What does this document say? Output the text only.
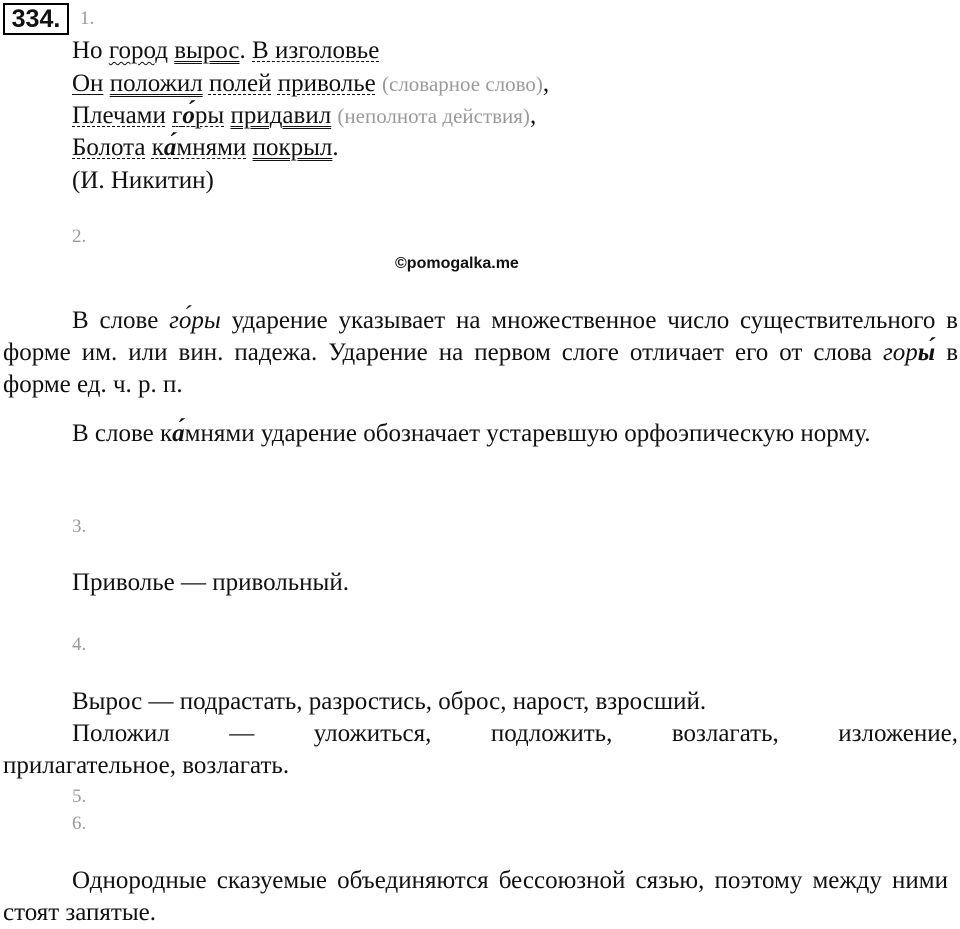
334.	1.
Но город вырос. В изголовье
Он положил полей приволье (словарное слово),
Плечами го́ры придавил (неполнота действия),
Болота ка́мнями покрыл.
(И. Никитин)
2.
©pomogalka.me
В слове го́ры ударение указывает на множественное число существительного в форме им. или вин. падежа. Ударение на первом слоге отличает его от слова горы́ в форме ед. ч. р. п.
В слове ка́мнями ударение обозначает устаревшую орфоэпическую норму.
3.
Приволье — привольный.
4.
Вырос — подрастать, разростись, оброс, нарост, взросший.
Положил — уложиться, подложить, возлагать, изложение,
прилагательное, возлагать.
5.
6.
Однородные сказуемые объединяются бессоюзной сязью, поэтому между ними стоят запятые.
